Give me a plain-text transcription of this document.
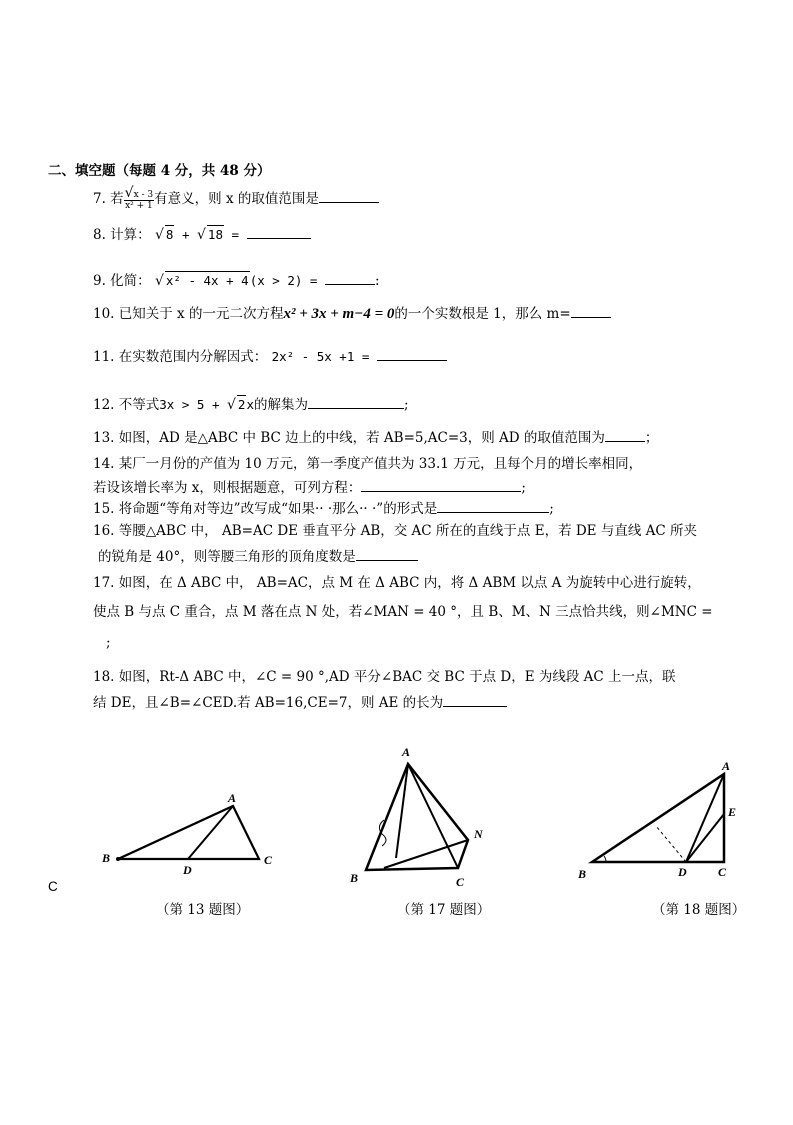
二、填空题（每题 4 分，共 48 分）
7. 若 $\frac{√x - 3}{\text{x² + 1}}$ 有意义，则 x 的取值范围是
8. 计算： √ 8 + √ 18 =
9. 化简： √ x² - 4x + 4(x > 2) =	:
10. 已知关于 x 的一元二次方程x² + 3x + m−4 = 0的一个实数根是 1，那么 m=
11. 在实数范围内分解因式： 2x² - 5x +1 =
12. 不等式3x > 5 + √ 2x的解集为	;
13. 如图，AD 是△ABC 中 BC 边上的中线，若 AB=5,AC=3，则 AD 的取值范围为	；
14. 某厂一月份的产值为 10 万元，第一季度产值共为 33.1 万元，且每个月的增长率相同，
若设该增长率为 x，则根据题意，可列方程：	;
15. 将命题“等角对等边”改写成“如果·· ·那么·· ·”的形式是	;
16. 等腰△ABC 中， AB=AC DE 垂直平分 AB，交 AC 所在的直线于点 E，若 DE 与直线 AC 所夹
的锐角是 40°，则等腰三角形的顶角度数是
17. 如图，在 Δ ABC 中， AB=AC，点 M 在 Δ ABC 内，将 Δ ABM 以点 A 为旋转中心进行旋转，
使点 B 与点 C 重合，点 M 落在点 N 处，若∠MAN = 40 °，且 B、M、N 三点恰共线，则∠MNC =
;
18. 如图，Rt-Δ ABC 中，∠C = 90 °,AD 平分∠BAC 交 BC 于点 D，E 为线段 AC 上一点，联
结 DE，且∠B=∠CED.若 AB=16,CE=7，则 AE 的长为
C
A
B
D
C
（第 13 题图）
A
B	C
N
（第 17 题图）
A
E
B	D	C
（第 18 题图）
